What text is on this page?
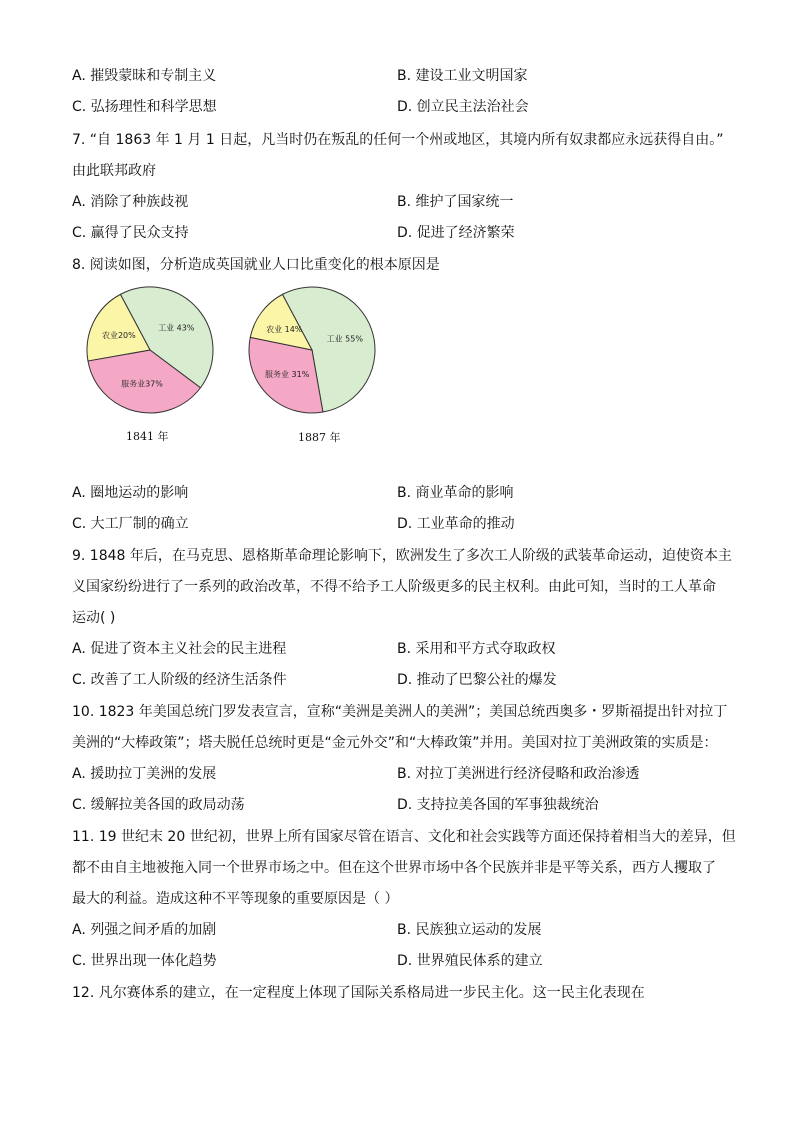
A. 摧毁蒙昧和专制主义	B. 建设工业文明国家
C. 弘扬理性和科学思想	D. 创立民主法治社会
7. “自 1863 年 1 月 1 日起，凡当时仍在叛乱的任何一个州或地区，其境内所有奴隶都应永远获得自由。”
由此联邦政府
A. 消除了种族歧视	B. 维护了国家统一
C. 赢得了民众支持	D. 促进了经济繁荣
8. 阅读如图，分析造成英国就业人口比重变化的根本原因是
工业 43%
服务业37%
农业20%	工业 55%
服务业 31%
农业 14%
1841 年	1887 年
A. 圈地运动的影响	B. 商业革命的影响
C. 大工厂制的确立	D. 工业革命的推动
9. 1848 年后，在马克思、恩格斯革命理论影响下，欧洲发生了多次工人阶级的武装革命运动，迫使资本主
义国家纷纷进行了一系列的政治改革，不得不给予工人阶级更多的民主权利。由此可知，当时的工人革命
运动( )
A. 促进了资本主义社会的民主进程	B. 采用和平方式夺取政权
C. 改善了工人阶级的经济生活条件	D. 推动了巴黎公社的爆发
10. 1823 年美国总统门罗发表宣言，宣称“美洲是美洲人的美洲”；美国总统西奥多・罗斯福提出针对拉丁
美洲的“大棒政策”；塔夫脱任总统时更是“金元外交”和“大棒政策”并用。美国对拉丁美洲政策的实质是：
A. 援助拉丁美洲的发展	B. 对拉丁美洲进行经济侵略和政治渗透
C. 缓解拉美各国的政局动荡	D. 支持拉美各国的军事独裁统治
11. 19 世纪末 20 世纪初，世界上所有国家尽管在语言、文化和社会实践等方面还保持着相当大的差异，但
都不由自主地被拖入同一个世界市场之中。但在这个世界市场中各个民族并非是平等关系，西方人攫取了
最大的利益。造成这种不平等现象的重要原因是（ ）
A. 列强之间矛盾的加剧	B. 民族独立运动的发展
C. 世界出现一体化趋势	D. 世界殖民体系的建立
12. 凡尔赛体系的建立，在一定程度上体现了国际关系格局进一步民主化。这一民主化表现在
